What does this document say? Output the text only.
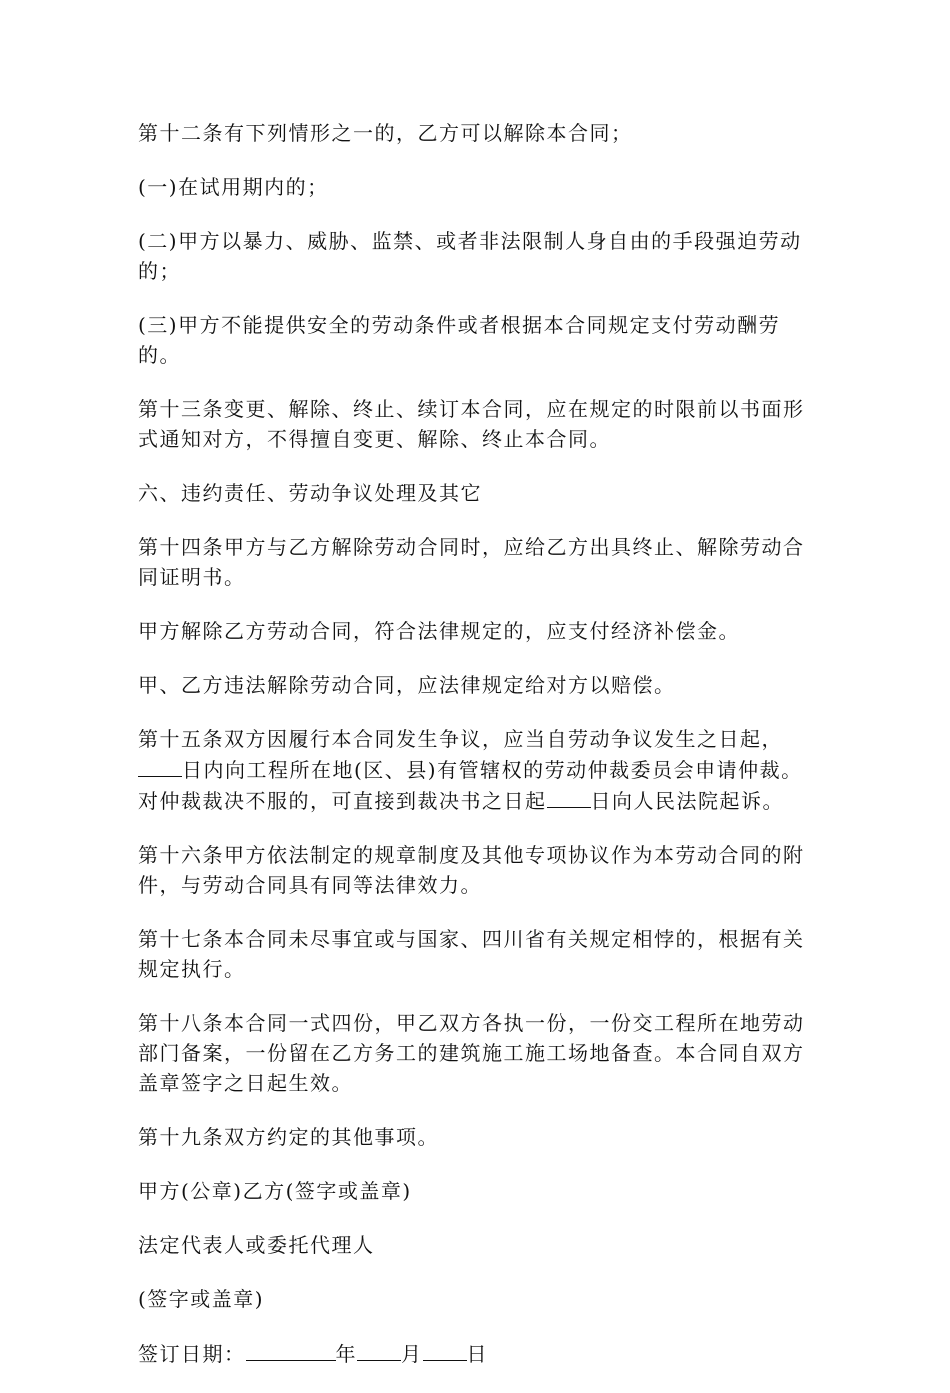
第十二条有下列情形之一的，乙方可以解除本合同；

(一)在试用期内的；

(二)甲方以暴力、威胁、监禁、或者非法限制人身自由的手段强迫劳动的；

(三)甲方不能提供安全的劳动条件或者根据本合同规定支付劳动酬劳的。

第十三条变更、解除、终止、续订本合同，应在规定的时限前以书面形式通知对方，不得擅自变更、解除、终止本合同。

六、违约责任、劳动争议处理及其它

第十四条甲方与乙方解除劳动合同时，应给乙方出具终止、解除劳动合同证明书。

甲方解除乙方劳动合同，符合法律规定的，应支付经济补偿金。

甲、乙方违法解除劳动合同，应法律规定给对方以赔偿。

第十五条双方因履行本合同发生争议，应当自劳动争议发生之日起，日内向工程所在地(区、县)有管辖权的劳动仲裁委员会申请仲裁。对仲裁裁决不服的，可直接到裁决书之日起 日向人民法院起诉。

第十六条甲方依法制定的规章制度及其他专项协议作为本劳动合同的附件，与劳动合同具有同等法律效力。

第十七条本合同未尽事宜或与国家、四川省有关规定相悖的，根据有关规定执行。

第十八条本合同一式四份，甲乙双方各执一份，一份交工程所在地劳动部门备案，一份留在乙方务工的建筑施工施工场地备查。本合同自双方盖章签字之日起生效。

第十九条双方约定的其他事项。

甲方(公章)乙方(签字或盖章)

法定代表人或委托代理人

(签字或盖章)

签订日期：	年 月 日
